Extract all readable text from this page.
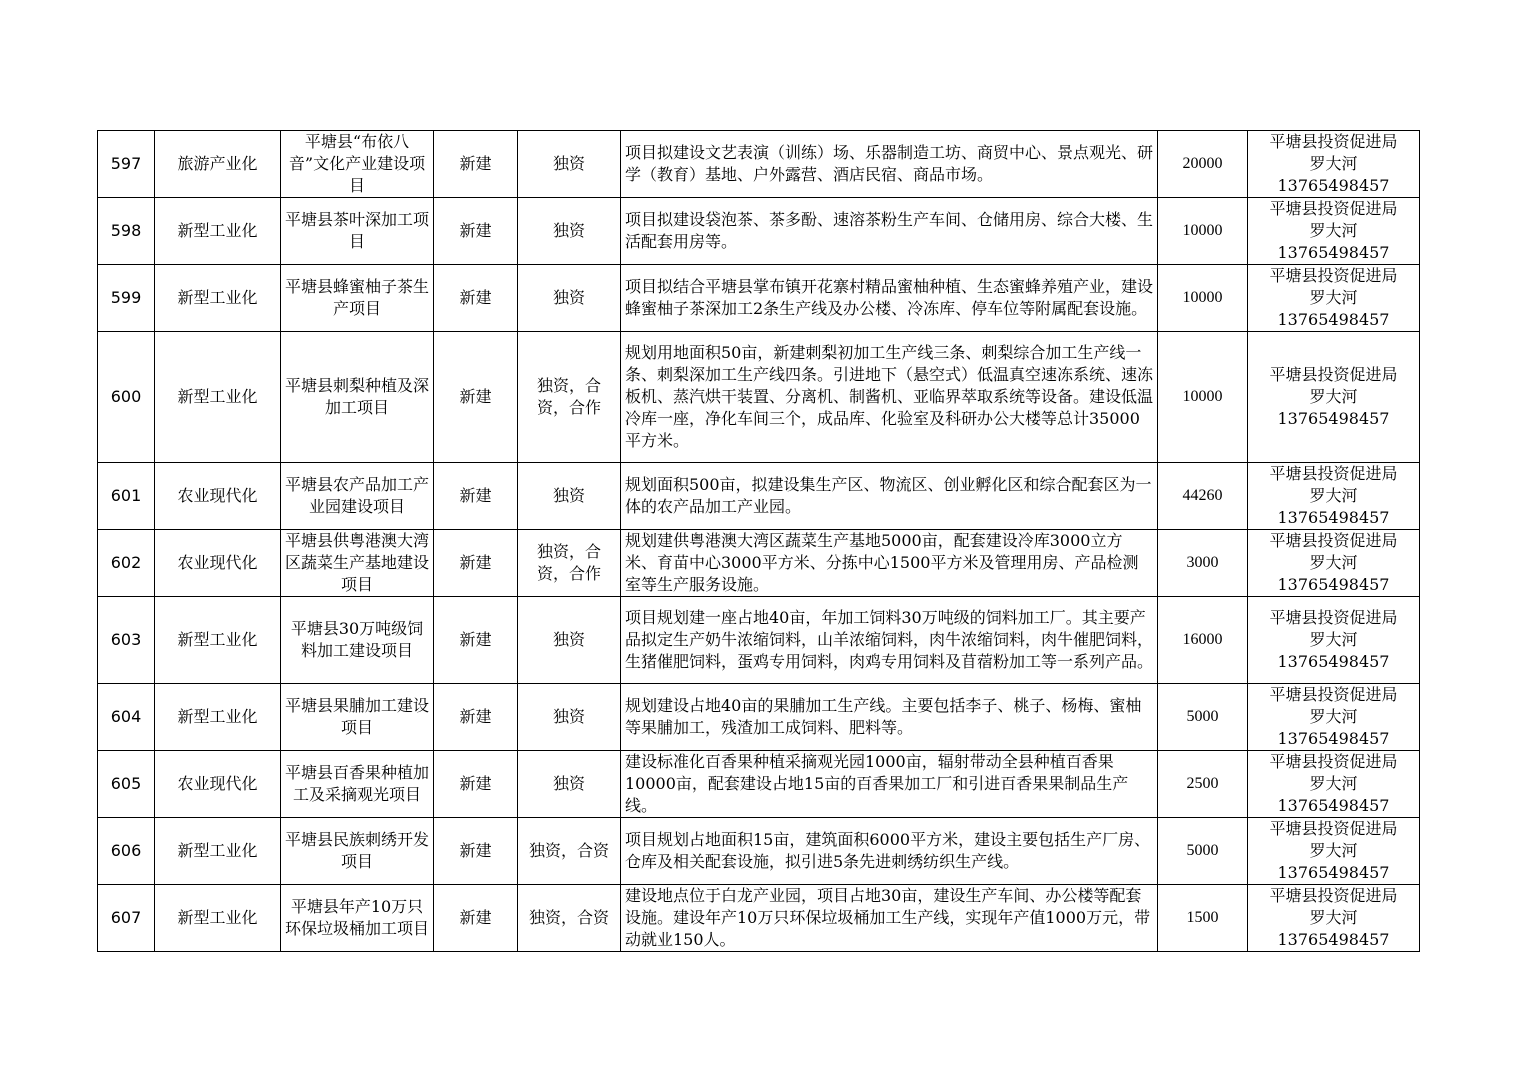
597	旅游产业化	平塘县“布依八音”文化产业建设项目	新建	独资	项目拟建设文艺表演（训练）场、乐器制造工坊、商贸中心、景点观光、研学（教育）基地、户外露营、酒店民宿、商品市场。	20000	平塘县投资促进局
罗大河
13765498457

598	新型工业化	平塘县茶叶深加工项目	新建	独资	项目拟建设袋泡茶、茶多酚、速溶茶粉生产车间、仓储用房、综合大楼、生活配套用房等。	10000	平塘县投资促进局
罗大河
13765498457

599	新型工业化	平塘县蜂蜜柚子茶生产项目	新建	独资	项目拟结合平塘县掌布镇开花寨村精品蜜柚种植、生态蜜蜂养殖产业，建设蜂蜜柚子茶深加工2条生产线及办公楼、冷冻库、停车位等附属配套设施。	10000	平塘县投资促进局
罗大河
13765498457

600	新型工业化	平塘县刺梨种植及深加工项目	新建	独资，合资，合作	规划用地面积50亩，新建刺梨初加工生产线三条、刺梨综合加工生产线一条、刺梨深加工生产线四条。引进地下（悬空式）低温真空速冻系统、速冻板机、蒸汽烘干装置、分离机、制酱机、亚临界萃取系统等设备。建设低温冷库一座，净化车间三个，成品库、化验室及科研办公大楼等总计35000平方米。	10000	平塘县投资促进局
罗大河
13765498457

601	农业现代化	平塘县农产品加工产业园建设项目	新建	独资	规划面积500亩，拟建设集生产区、物流区、创业孵化区和综合配套区为一体的农产品加工产业园。	44260	平塘县投资促进局
罗大河
13765498457

602	农业现代化	平塘县供粤港澳大湾区蔬菜生产基地建设项目	新建	独资，合资，合作	规划建供粤港澳大湾区蔬菜生产基地5000亩，配套建设冷库3000立方米、育苗中心3000平方米、分拣中心1500平方米及管理用房、产品检测室等生产服务设施。	3000	平塘县投资促进局
罗大河
13765498457

603	新型工业化	平塘县30万吨级饲料加工建设项目	新建	独资	项目规划建一座占地40亩，年加工饲料30万吨级的饲料加工厂。其主要产品拟定生产奶牛浓缩饲料，山羊浓缩饲料，肉牛浓缩饲料，肉牛催肥饲料，生猪催肥饲料，蛋鸡专用饲料，肉鸡专用饲料及苜蓿粉加工等一系列产品。	16000	平塘县投资促进局
罗大河
13765498457

604	新型工业化	平塘县果脯加工建设项目	新建	独资	规划建设占地40亩的果脯加工生产线。主要包括李子、桃子、杨梅、蜜柚等果脯加工，残渣加工成饲料、肥料等。	5000	平塘县投资促进局
罗大河
13765498457

605	农业现代化	平塘县百香果种植加工及采摘观光项目	新建	独资	建设标准化百香果种植采摘观光园1000亩，辐射带动全县种植百香果10000亩，配套建设占地15亩的百香果加工厂和引进百香果果制品生产线。	2500	平塘县投资促进局
罗大河
13765498457

606	新型工业化	平塘县民族刺绣开发项目	新建	独资，合资	项目规划占地面积15亩，建筑面积6000平方米，建设主要包括生产厂房、仓库及相关配套设施，拟引进5条先进刺绣纺织生产线。	5000	平塘县投资促进局
罗大河
13765498457

607	新型工业化	平塘县年产10万只环保垃圾桶加工项目	新建	独资，合资	建设地点位于白龙产业园，项目占地30亩，建设生产车间、办公楼等配套设施。建设年产10万只环保垃圾桶加工生产线，实现年产值1000万元，带动就业150人。	1500	平塘县投资促进局
罗大河
13765498457
